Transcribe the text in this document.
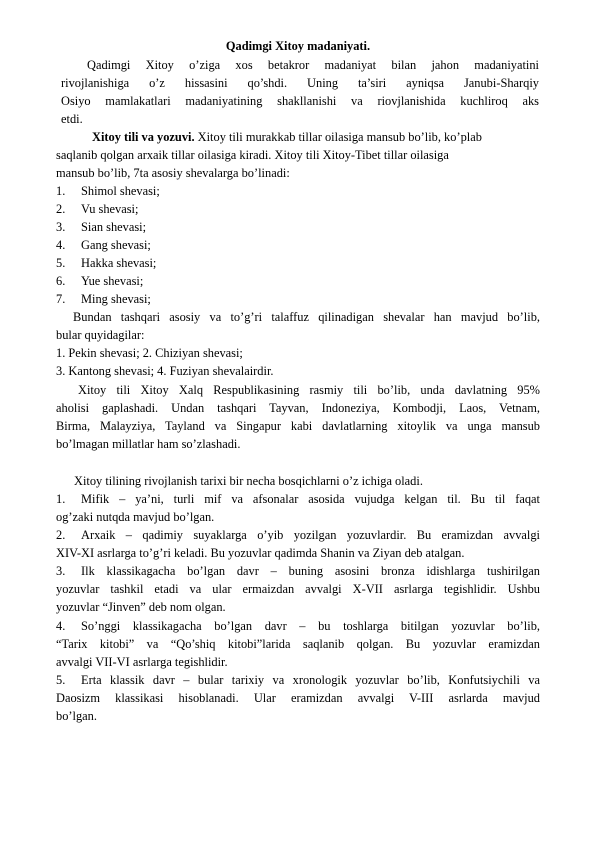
Qadimgi Xitoy madaniyati.
Qadimgi Xitoy o’ziga xos betakror madaniyat bilan jahon madaniyatini
rivojlanishiga o’z hissasini qo’shdi. Uning ta’siri ayniqsa Janubi-Sharqiy
Osiyo mamlakatlari madaniyatining shakllanishi va riovjlanishida kuchliroq aks
etdi.
Xitoy tili va yozuvi. Xitoy tili murakkab tillar oilasiga mansub bo’lib, ko’plab
saqlanib qolgan arxaik tillar oilasiga kiradi. Xitoy tili Xitoy-Tibet tillar oilasiga
mansub bo’lib, 7ta asosiy shevalarga bo’linadi:
1. Shimol shevasi;
2. Vu shevasi;
3. Sian shevasi;
4. Gang shevasi;
5. Hakka shevasi;
6. Yue shevasi;
7. Ming shevasi;
Bundan tashqari asosiy va to’g’ri talaffuz qilinadigan shevalar han mavjud bo’lib,
bular quyidagilar:
1. Pekin shevasi; 2. Chiziyan shevasi;
3. Kantong shevasi; 4. Fuziyan shevalairdir.
Xitoy tili Xitoy Xalq Respublikasining rasmiy tili bo’lib, unda davlatning 95%
aholisi gaplashadi. Undan tashqari Tayvan, Indoneziya, Kombodji, Laos, Vetnam,
Birma, Malayziya, Tayland va Singapur kabi davlatlarning xitoylik va unga mansub
bo’lmagan millatlar ham so’zlashadi.
Xitoy tilining rivojlanish tarixi bir necha bosqichlarni o’z ichiga oladi.
1. Mifik – ya’ni, turli mif va afsonalar asosida vujudga kelgan til. Bu til faqat
og’zaki nutqda mavjud bo’lgan.
2. Arxaik – qadimiy suyaklarga o’yib yozilgan yozuvlardir. Bu eramizdan avvalgi
XIV-XI asrlarga to’g’ri keladi. Bu yozuvlar qadimda Shanin va Ziyan deb atalgan.
3. Ilk klassikagacha bo’lgan davr – buning asosini bronza idishlarga tushirilgan
yozuvlar tashkil etadi va ular ermaizdan avvalgi X-VII asrlarga tegishlidir. Ushbu
yozuvlar “Jinven” deb nom olgan.
4. So’nggi klassikagacha bo’lgan davr – bu toshlarga bitilgan yozuvlar bo’lib,
“Tarix kitobi” va “Qo’shiq kitobi”larida saqlanib qolgan. Bu yozuvlar eramizdan
avvalgi VII-VI asrlarga tegishlidir.
5. Erta klassik davr – bular tarixiy va xronologik yozuvlar bo’lib, Konfutsiychili va
Daosizm klassikasi hisoblanadi. Ular eramizdan avvalgi V-III asrlarda mavjud
bo’lgan.
